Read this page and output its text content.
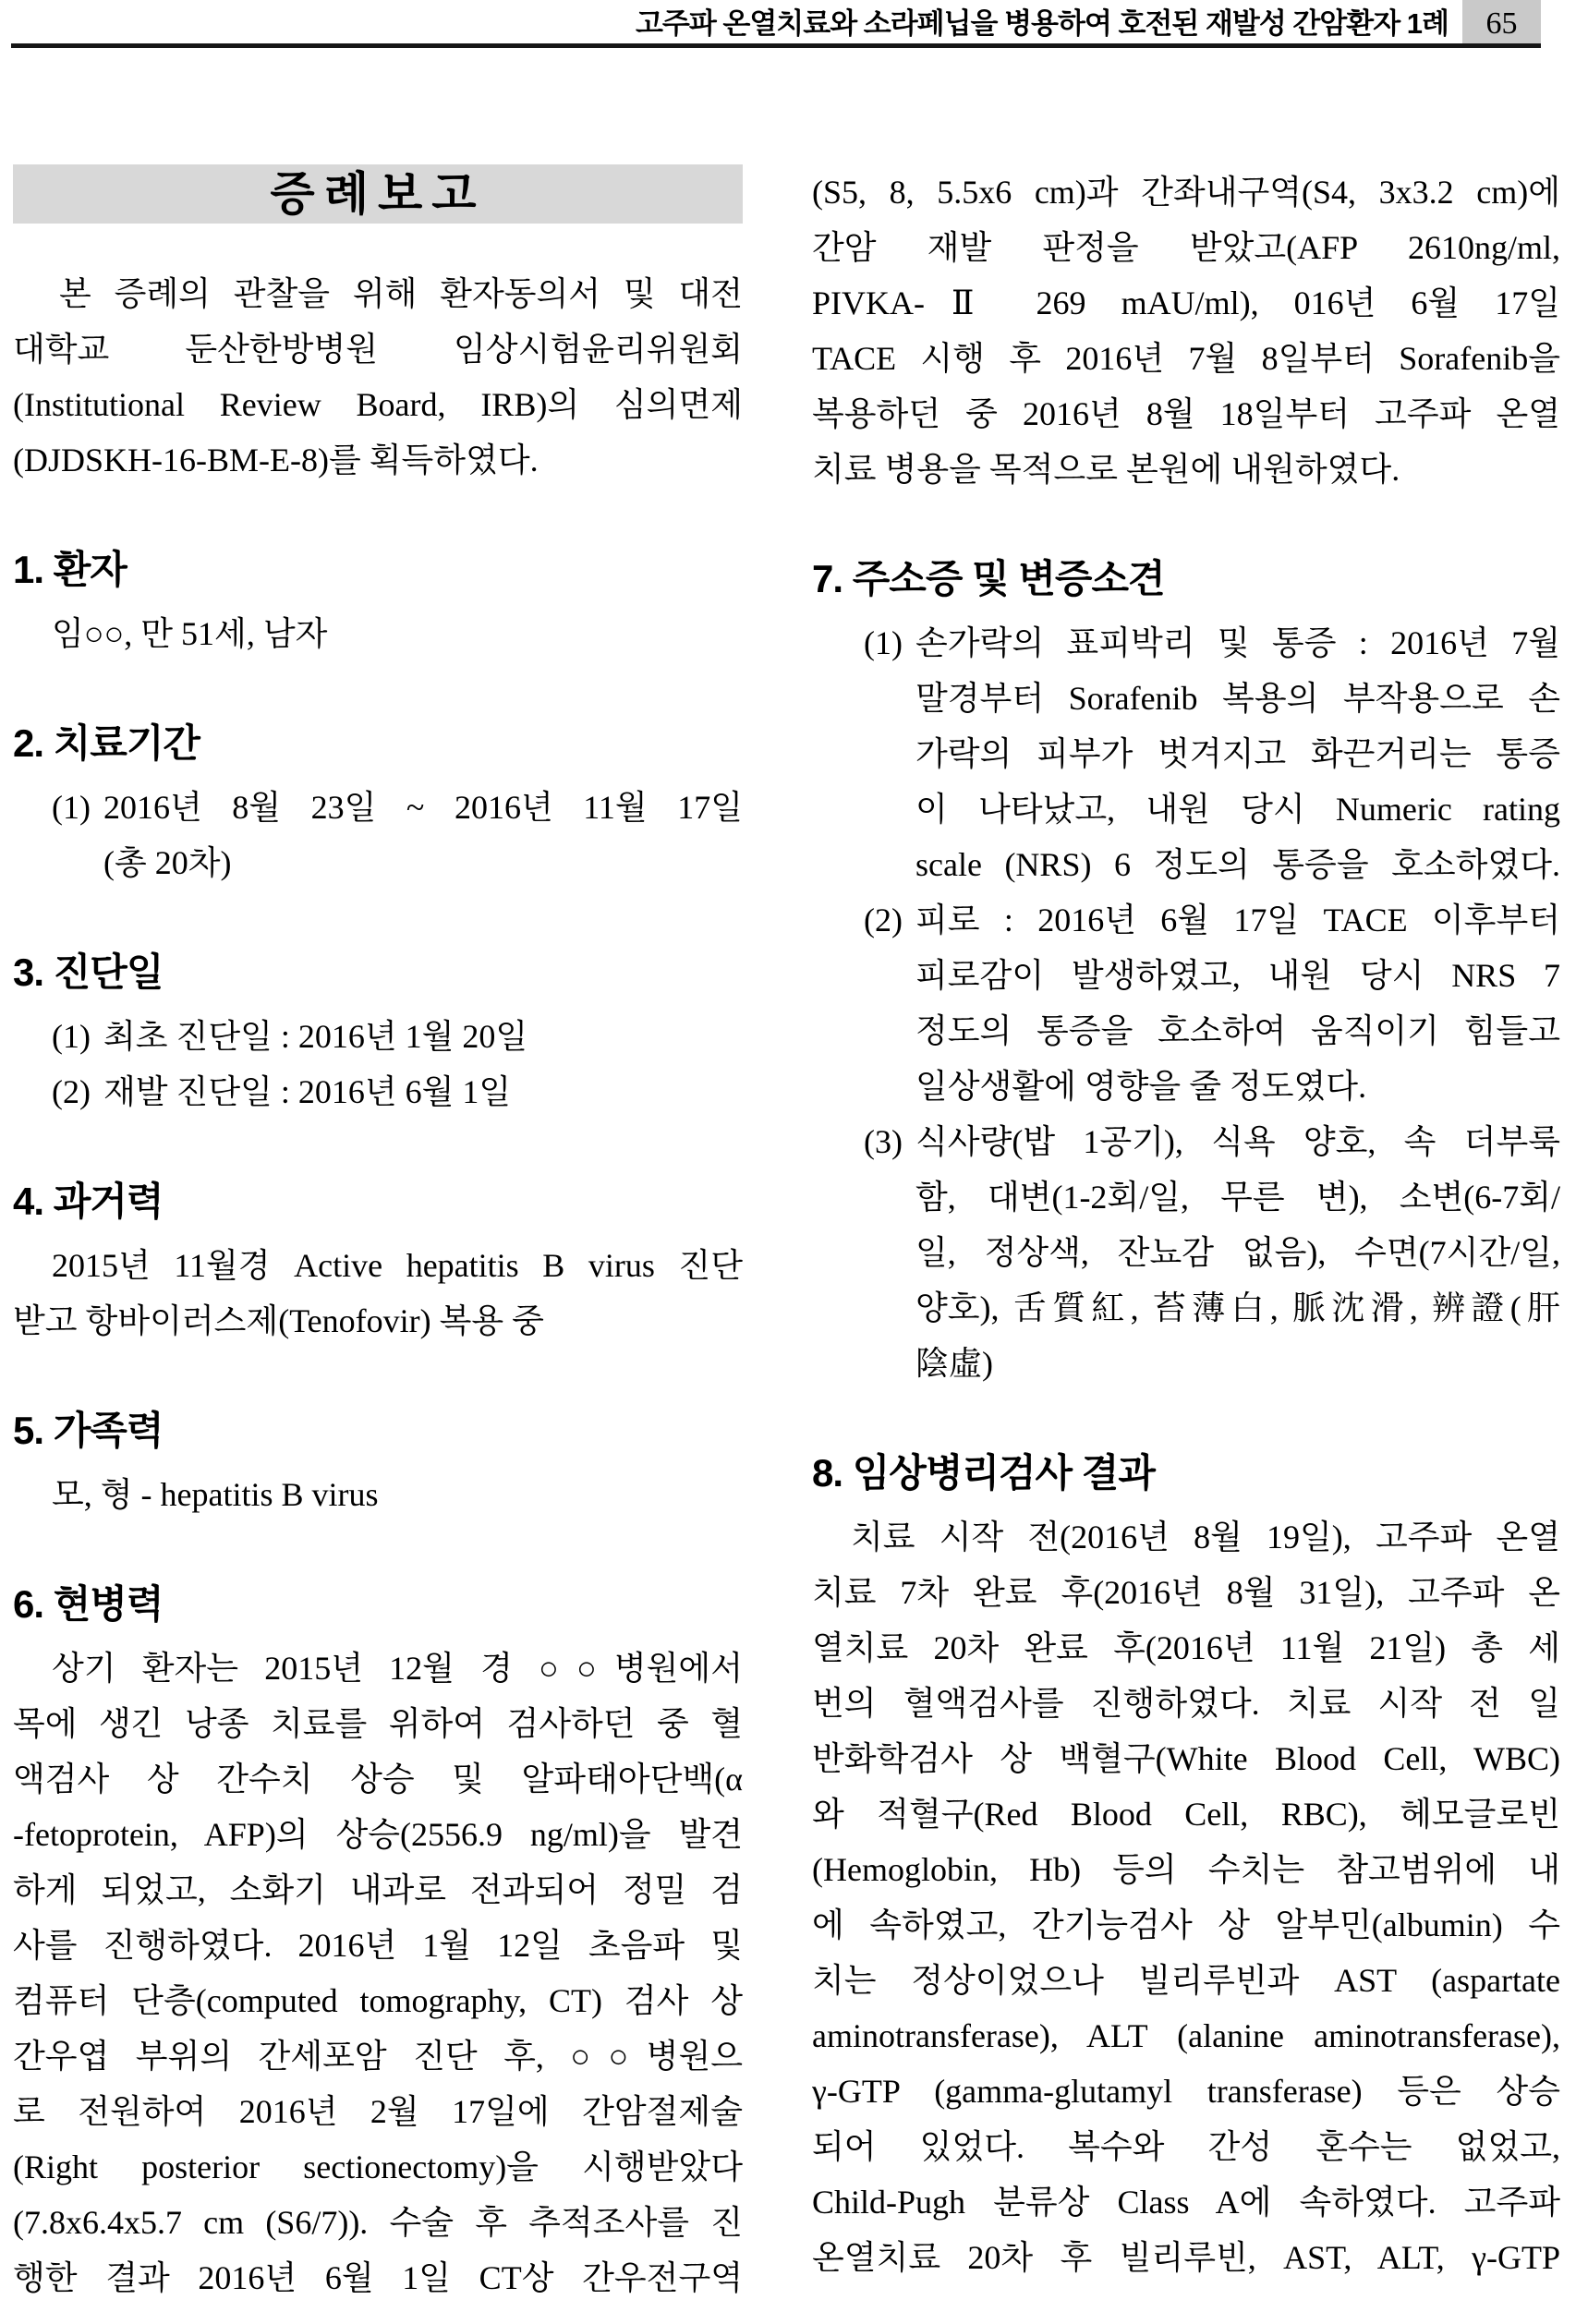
고주파 온열치료와 소라페닙을 병용하여 호전된 재발성 간암환자 1례	65
증례보고
본 증례의 관찰을 위해 환자동의서 및 대전
대학교 둔산한방병원 임상시험윤리위원회
(Institutional Review Board, IRB)의 심의면제
(DJDSKH-16-BM-E-8)를 획득하였다.
1. 환자
임○○, 만 51세, 남자
2. 치료기간
(1) 2016년 8월 23일 ~ 2016년 11월 17일
(총 20차)
3. 진단일
(1) 최초 진단일 : 2016년 1월 20일
(2) 재발 진단일 : 2016년 6월 1일
4. 과거력
2015년 11월경 Active hepatitis B virus 진단
받고 항바이러스제(Tenofovir) 복용 중
5. 가족력
모, 형 - hepatitis B virus
6. 현병력
상기 환자는 2015년 12월 경 ○○병원에서
목에 생긴 낭종 치료를 위하여 검사하던 중 혈
액검사 상 간수치 상승 및 알파태아단백(α
-fetoprotein, AFP)의 상승(2556.9 ng/ml)을 발견
하게 되었고, 소화기 내과로 전과되어 정밀 검
사를 진행하였다. 2016년 1월 12일 초음파 및
컴퓨터 단층(computed tomography, CT) 검사 상
간우엽 부위의 간세포암 진단 후, ○○병원으
로 전원하여 2016년 2월 17일에 간암절제술
(Right posterior sectionectomy)을 시행받았다
(7.8x6.4x5.7 cm (S6/7)). 수술 후 추적조사를 진
행한 결과 2016년 6월 1일 CT상 간우전구역
(S5, 8, 5.5x6 cm)과 간좌내구역(S4, 3x3.2 cm)에
간암 재발 판정을 받았고(AFP 2610ng/ml,
PIVKA-Ⅱ 269 mAU/ml), 016년 6월 17일
TACE 시행 후 2016년 7월 8일부터 Sorafenib을
복용하던 중 2016년 8월 18일부터 고주파 온열
치료 병용을 목적으로 본원에 내원하였다.
7. 주소증 및 변증소견
(1) 손가락의 표피박리 및 통증 : 2016년 7월
말경부터 Sorafenib 복용의 부작용으로 손
가락의 피부가 벗겨지고 화끈거리는 통증
이 나타났고, 내원 당시 Numeric rating
scale (NRS) 6 정도의 통증을 호소하였다.
(2) 피로 : 2016년 6월 17일 TACE 이후부터
피로감이 발생하였고, 내원 당시 NRS 7
정도의 통증을 호소하여 움직이기 힘들고
일상생활에 영향을 줄 정도였다.
(3) 식사량(밥 1공기), 식욕 양호, 속 더부룩
함, 대변(1-2회/일, 무른 변), 소변(6-7회/
일, 정상색, 잔뇨감 없음), 수면(7시간/일,
양호), 舌質紅, 苔薄白, 脈沈滑, 辨證(肝
陰虛)
8. 임상병리검사 결과
치료 시작 전(2016년 8월 19일), 고주파 온열
치료 7차 완료 후(2016년 8월 31일), 고주파 온
열치료 20차 완료 후(2016년 11월 21일) 총 세
번의 혈액검사를 진행하였다. 치료 시작 전 일
반화학검사 상 백혈구(White Blood Cell, WBC)
와 적혈구(Red Blood Cell, RBC), 헤모글로빈
(Hemoglobin, Hb) 등의 수치는 참고범위에 내
에 속하였고, 간기능검사 상 알부민(albumin) 수
치는 정상이었으나 빌리루빈과 AST (aspartate
aminotransferase), ALT (alanine aminotransferase),
γ-GTP (gamma-glutamyl transferase) 등은 상승
되어 있었다. 복수와 간성 혼수는 없었고,
Child-Pugh 분류상 Class A에 속하였다. 고주파
온열치료 20차 후 빌리루빈, AST, ALT, γ-GTP
